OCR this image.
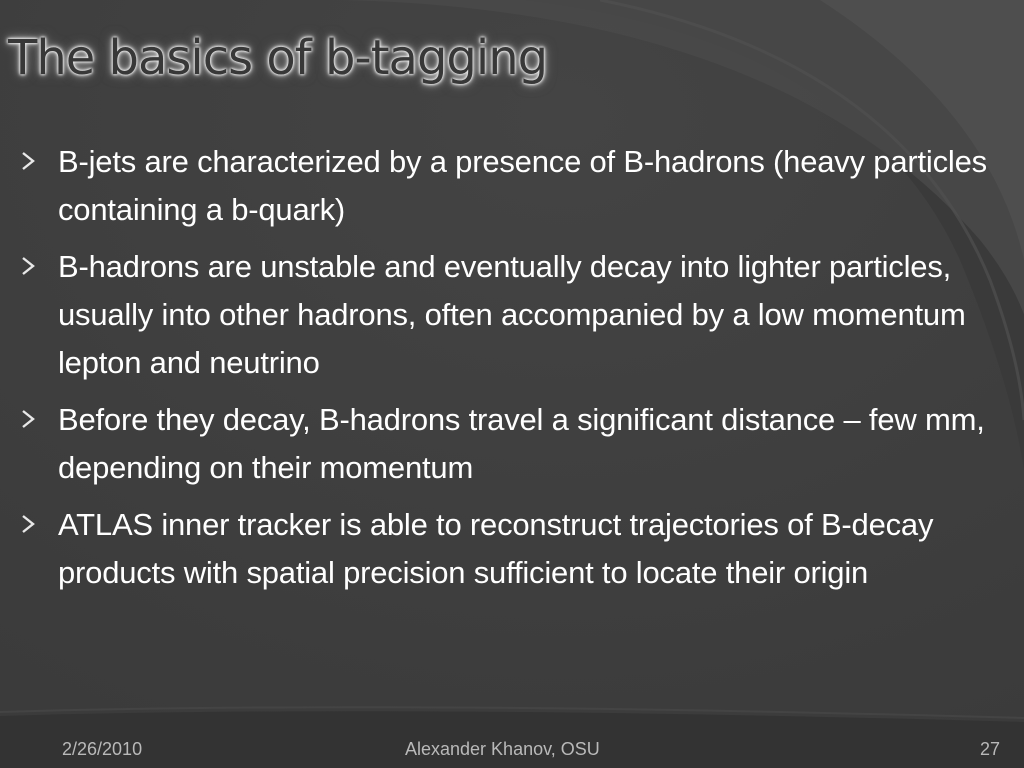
The basics of b-tagging
B-jets are characterized by a presence of B-hadrons (heavy particles containing a b-quark)
B-hadrons are unstable and eventually decay into lighter particles, usually into other hadrons, often accompanied by a low momentum lepton and neutrino
Before they decay, B-hadrons travel a significant distance – few mm, depending on their momentum
ATLAS inner tracker is able to reconstruct trajectories of B-decay products with spatial precision sufficient to locate their origin
2/26/2010	Alexander Khanov, OSU	27
